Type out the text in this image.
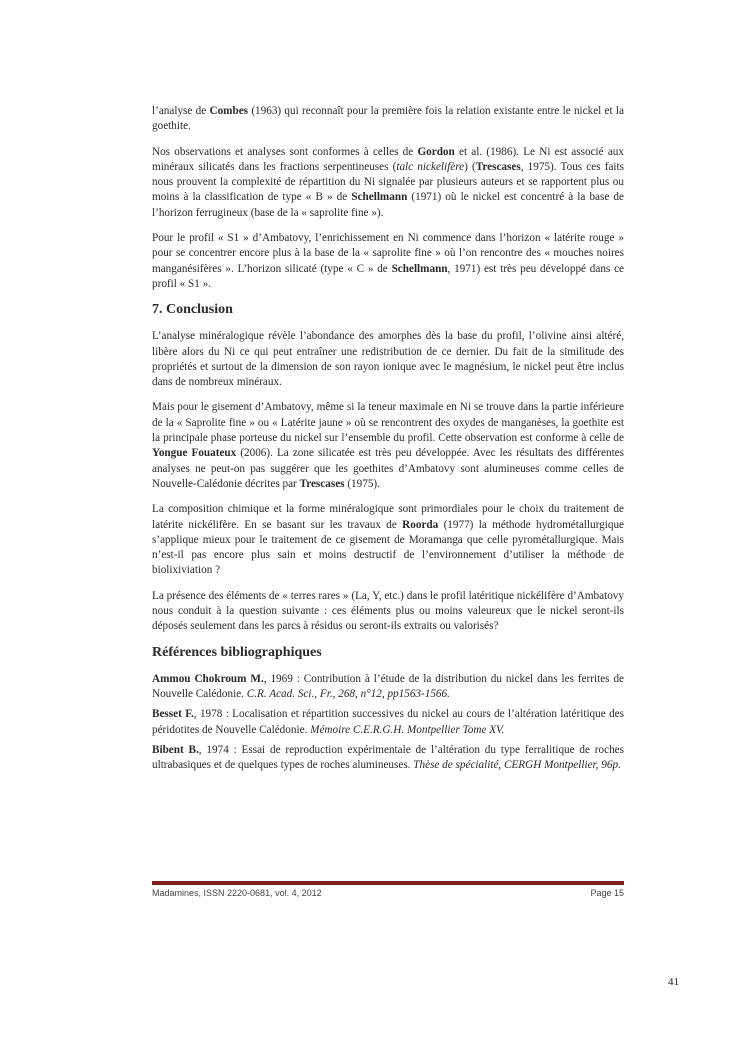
l’analyse de Combes (1963) qui reconnaît pour la première fois la relation existante entre le nickel et la goethite.

Nos observations et analyses sont conformes à celles de Gordon et al. (1986). Le Ni est associé aux minéraux silicatés dans les fractions serpentineuses (talc nickelifère) (Trescases, 1975). Tous ces faits nous prouvent la complexité de répartition du Ni signalée par plusieurs auteurs et se rapportent plus ou moins à la classification de type « B » de Schellmann (1971) où le nickel est concentré à la base de l’horizon ferrugineux (base de la « saprolite fine »).

Pour le profil « S1 » d’Ambatovy, l’enrichissement en Ni commence dans l’horizon « latérite rouge » pour se concentrer encore plus à la base de la « saprolite fine » où l’on rencontre des « mouches noires manganésifères ». L’horizon silicaté (type « C » de Schellmann, 1971) est très peu développé dans ce profil « S1 ».

7. Conclusion

L’analyse minéralogique révèle l’abondance des amorphes dès la base du profil, l’olivine ainsi altéré, libère alors du Ni ce qui peut entraîner une redistribution de ce dernier. Du fait de la similitude des propriétés et surtout de la dimension de son rayon ionique avec le magnésium, le nickel peut être inclus dans de nombreux minéraux.

Mais pour le gisement d’Ambatovy, même si la teneur maximale en Ni se trouve dans la partie inférieure de la « Saprolite fine » ou « Latérite jaune » où se rencontrent des oxydes de manganèses, la goethite est la principale phase porteuse du nickel sur l’ensemble du profil. Cette observation est conforme à celle de Yongue Fouateux (2006). La zone silicatée est très peu développée. Avec les résultats des différentes analyses ne peut-on pas suggérer que les goethites d’Ambatovy sont alumineuses comme celles de Nouvelle-Calédonie décrites par Trescases (1975).

La composition chimique et la forme minéralogique sont primordiales pour le choix du traitement de latérite nickélifère. En se basant sur les travaux de Roorda (1977) la méthode hydrométallurgique s’applique mieux pour le traitement de ce gisement de Moramanga que celle pyrométallurgique. Mais n’est-il pas encore plus sain et moins destructif de l’environnement d’utiliser la méthode de biolixiviation ?

La présence des éléments de « terres rares » (La, Y, etc.) dans le profil latéritique nickélifère d’Ambatovy nous conduit à la question suivante : ces éléments plus ou moins valeureux que le nickel seront-ils déposés seulement dans les parcs à résidus ou seront-ils extraits ou valorisés?

Références bibliographiques

Ammou Chokroum M., 1969 : Contribution à l’étude de la distribution du nickel dans les ferrites de Nouvelle Calédonie. C.R. Acad. Sci., Fr., 268, n°12, pp1563-1566.

Besset F., 1978 : Localisation et répartition successives du nickel au cours de l’altération latéritique des péridotites de Nouvelle Calédonie. Mémoire C.E.R.G.H. Montpellier Tome XV.

Bibent B., 1974 : Essai de reproduction expérimentale de l’altération du type ferralitique de roches ultrabasiques et de quelques types de roches alumineuses. Thèse de spécialité, CERGH Montpellier, 96p.

Madamines, ISSN 2220-0681, vol. 4, 2012	Page 15
41
